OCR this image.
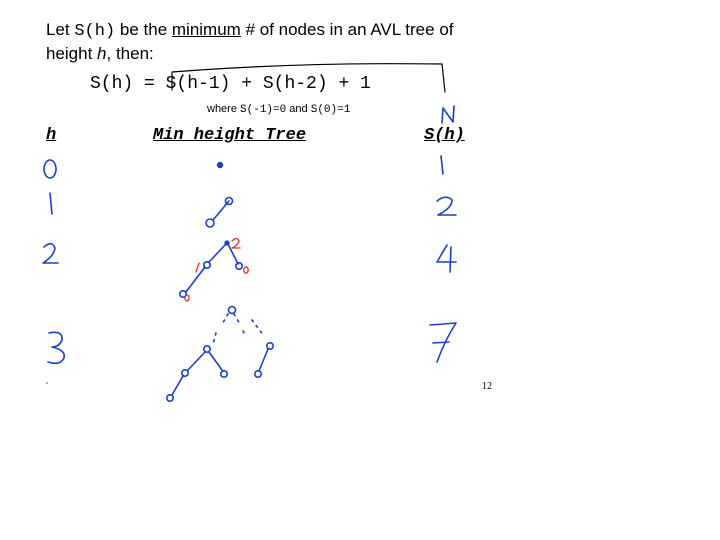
Let S(h) be the minimum # of nodes in an AVL tree of
height h, then:
S(h) = S(h-1) + S(h-2) + 1
where S(-1)=0 and S(0)=1
h	Min height Tree	S(h)
12
